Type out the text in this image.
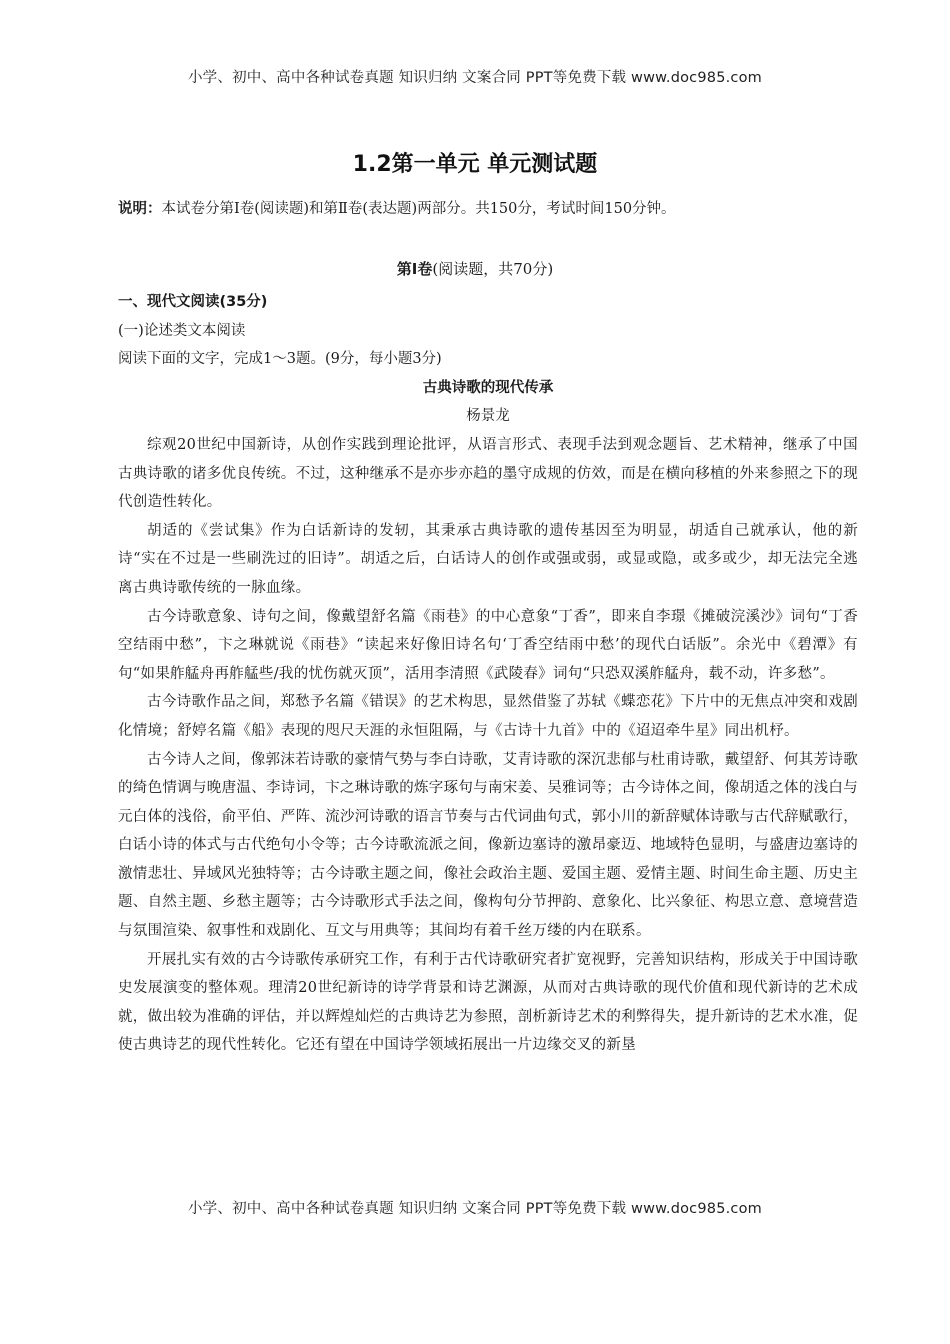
小学、初中、高中各种试卷真题 知识归纳 文案合同 PPT等免费下载 www.doc985.com
1.2第一单元 单元测试题
说明：本试卷分第Ⅰ卷(阅读题)和第Ⅱ卷(表达题)两部分。共150分，考试时间150分钟。
第Ⅰ卷(阅读题，共70分)

一、现代文阅读(35分)

(一)论述类文本阅读

阅读下面的文字，完成1～3题。(9分，每小题3分)

古典诗歌的现代传承

杨景龙

综观20世纪中国新诗，从创作实践到理论批评，从语言形式、表现手法到观念题旨、艺术精神，继承了中国古典诗歌的诸多优良传统。不过，这种继承不是亦步亦趋的墨守成规的仿效，而是在横向移植的外来参照之下的现代创造性转化。

胡适的《尝试集》作为白话新诗的发轫，其秉承古典诗歌的遗传基因至为明显，胡适自己就承认，他的新诗“实在不过是一些刷洗过的旧诗”。胡适之后，白话诗人的创作或强或弱，或显或隐，或多或少，却无法完全逃离古典诗歌传统的一脉血缘。

古今诗歌意象、诗句之间，像戴望舒名篇《雨巷》的中心意象“丁香”，即来自李璟《摊破浣溪沙》词句“丁香空结雨中愁”，卞之琳就说《雨巷》“读起来好像旧诗名句‘丁香空结雨中愁’的现代白话版”。余光中《碧潭》有句“如果舴艋舟再舴艋些/我的忧伤就灭顶”，活用李清照《武陵春》词句“只恐双溪舴艋舟，载不动，许多愁”。

古今诗歌作品之间，郑愁予名篇《错误》的艺术构思，显然借鉴了苏轼《蝶恋花》下片中的无焦点冲突和戏剧化情境；舒婷名篇《船》表现的咫尺天涯的永恒阻隔，与《古诗十九首》中的《迢迢牵牛星》同出机杼。

古今诗人之间，像郭沫若诗歌的豪情气势与李白诗歌，艾青诗歌的深沉悲郁与杜甫诗歌，戴望舒、何其芳诗歌的绮色情调与晚唐温、李诗词，卞之琳诗歌的炼字琢句与南宋姜、吴雅词等；古今诗体之间，像胡适之体的浅白与元白体的浅俗，俞平伯、严阵、流沙河诗歌的语言节奏与古代词曲句式，郭小川的新辞赋体诗歌与古代辞赋歌行，白话小诗的体式与古代绝句小令等；古今诗歌流派之间，像新边塞诗的激昂豪迈、地域特色显明，与盛唐边塞诗的激情悲壮、异域风光独特等；古今诗歌主题之间，像社会政治主题、爱国主题、爱情主题、时间生命主题、历史主题、自然主题、乡愁主题等；古今诗歌形式手法之间，像构句分节押韵、意象化、比兴象征、构思立意、意境营造与氛围渲染、叙事性和戏剧化、互文与用典等；其间均有着千丝万缕的内在联系。

开展扎实有效的古今诗歌传承研究工作，有利于古代诗歌研究者扩宽视野，完善知识结构，形成关于中国诗歌史发展演变的整体观。理清20世纪新诗的诗学背景和诗艺渊源，从而对古典诗歌的现代价值和现代新诗的艺术成就，做出较为准确的评估，并以辉煌灿烂的古典诗艺为参照，剖析新诗艺术的利弊得失，提升新诗的艺术水准，促使古典诗艺的现代性转化。它还有望在中国诗学领域拓展出一片边缘交叉的新垦

小学、初中、高中各种试卷真题 知识归纳 文案合同 PPT等免费下载 www.doc985.com
